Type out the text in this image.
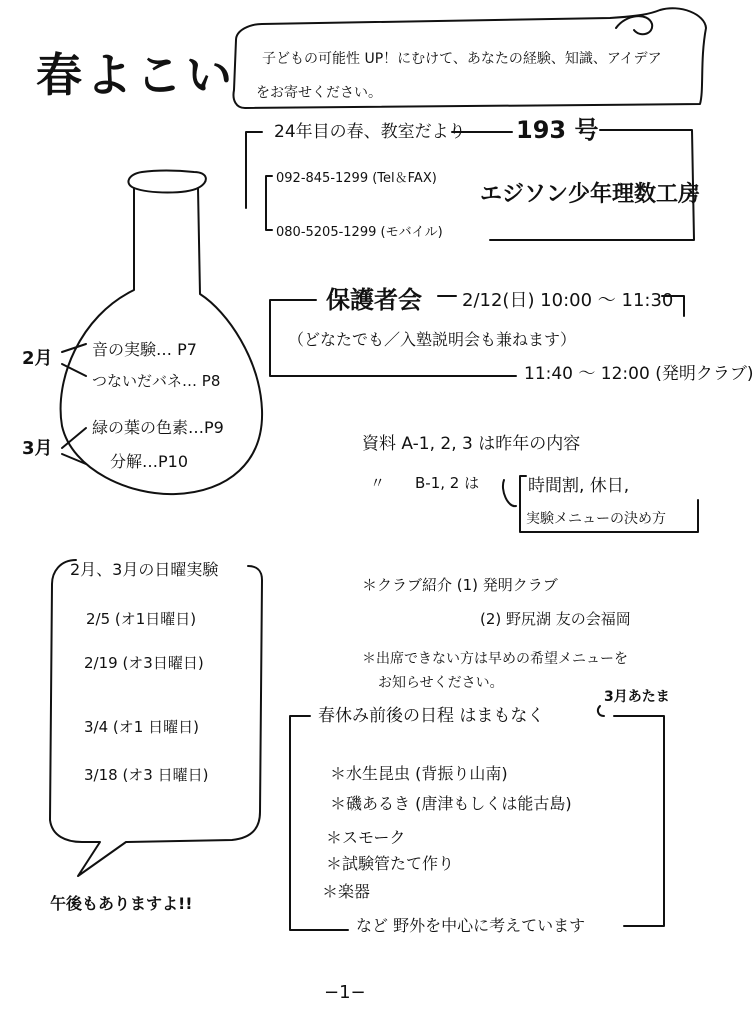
春よこい 子どもの可能性 UP！にむけて、あなたの経験、知識、アイデア
をお寄せください。
24年目の春、教室だより 193 号
092-845-1299 (Tel＆FAX)
エジソン少年理数工房
080-5205-1299 (モバイル)
2月 音の実験… P7
つないだバネ… P8
3月
緑の葉の色素…P9
分解…P10
保護者会 2/12(日) 10:00 〜 11:30
（どなたでも／入塾説明会も兼ねます）
11:40 〜 12:00 (発明クラブ)
資料 A-1, 2, 3 は昨年の内容
〃　　B-1, 2 は	時間割, 休日,
実験メニューの決め方
2月、3月の日曜実験
2/5 (オ1日曜日)
2/19 (オ3日曜日)
3/4 (オ1 日曜日)
3/18 (オ3 日曜日)
午後もありますよ!!
＊クラブ紹介 (1) 発明クラブ
(2) 野尻湖 友の会福岡
＊出席できない方は早めの希望メニューを
お知らせください。
春休み前後の日程 はまもなく
3月あたま
＊水生昆虫 (背振り山南)
＊磯あるき (唐津もしくは能古島)
＊スモーク
＊試験管たて作り
＊楽器
など 野外を中心に考えています
−1−
